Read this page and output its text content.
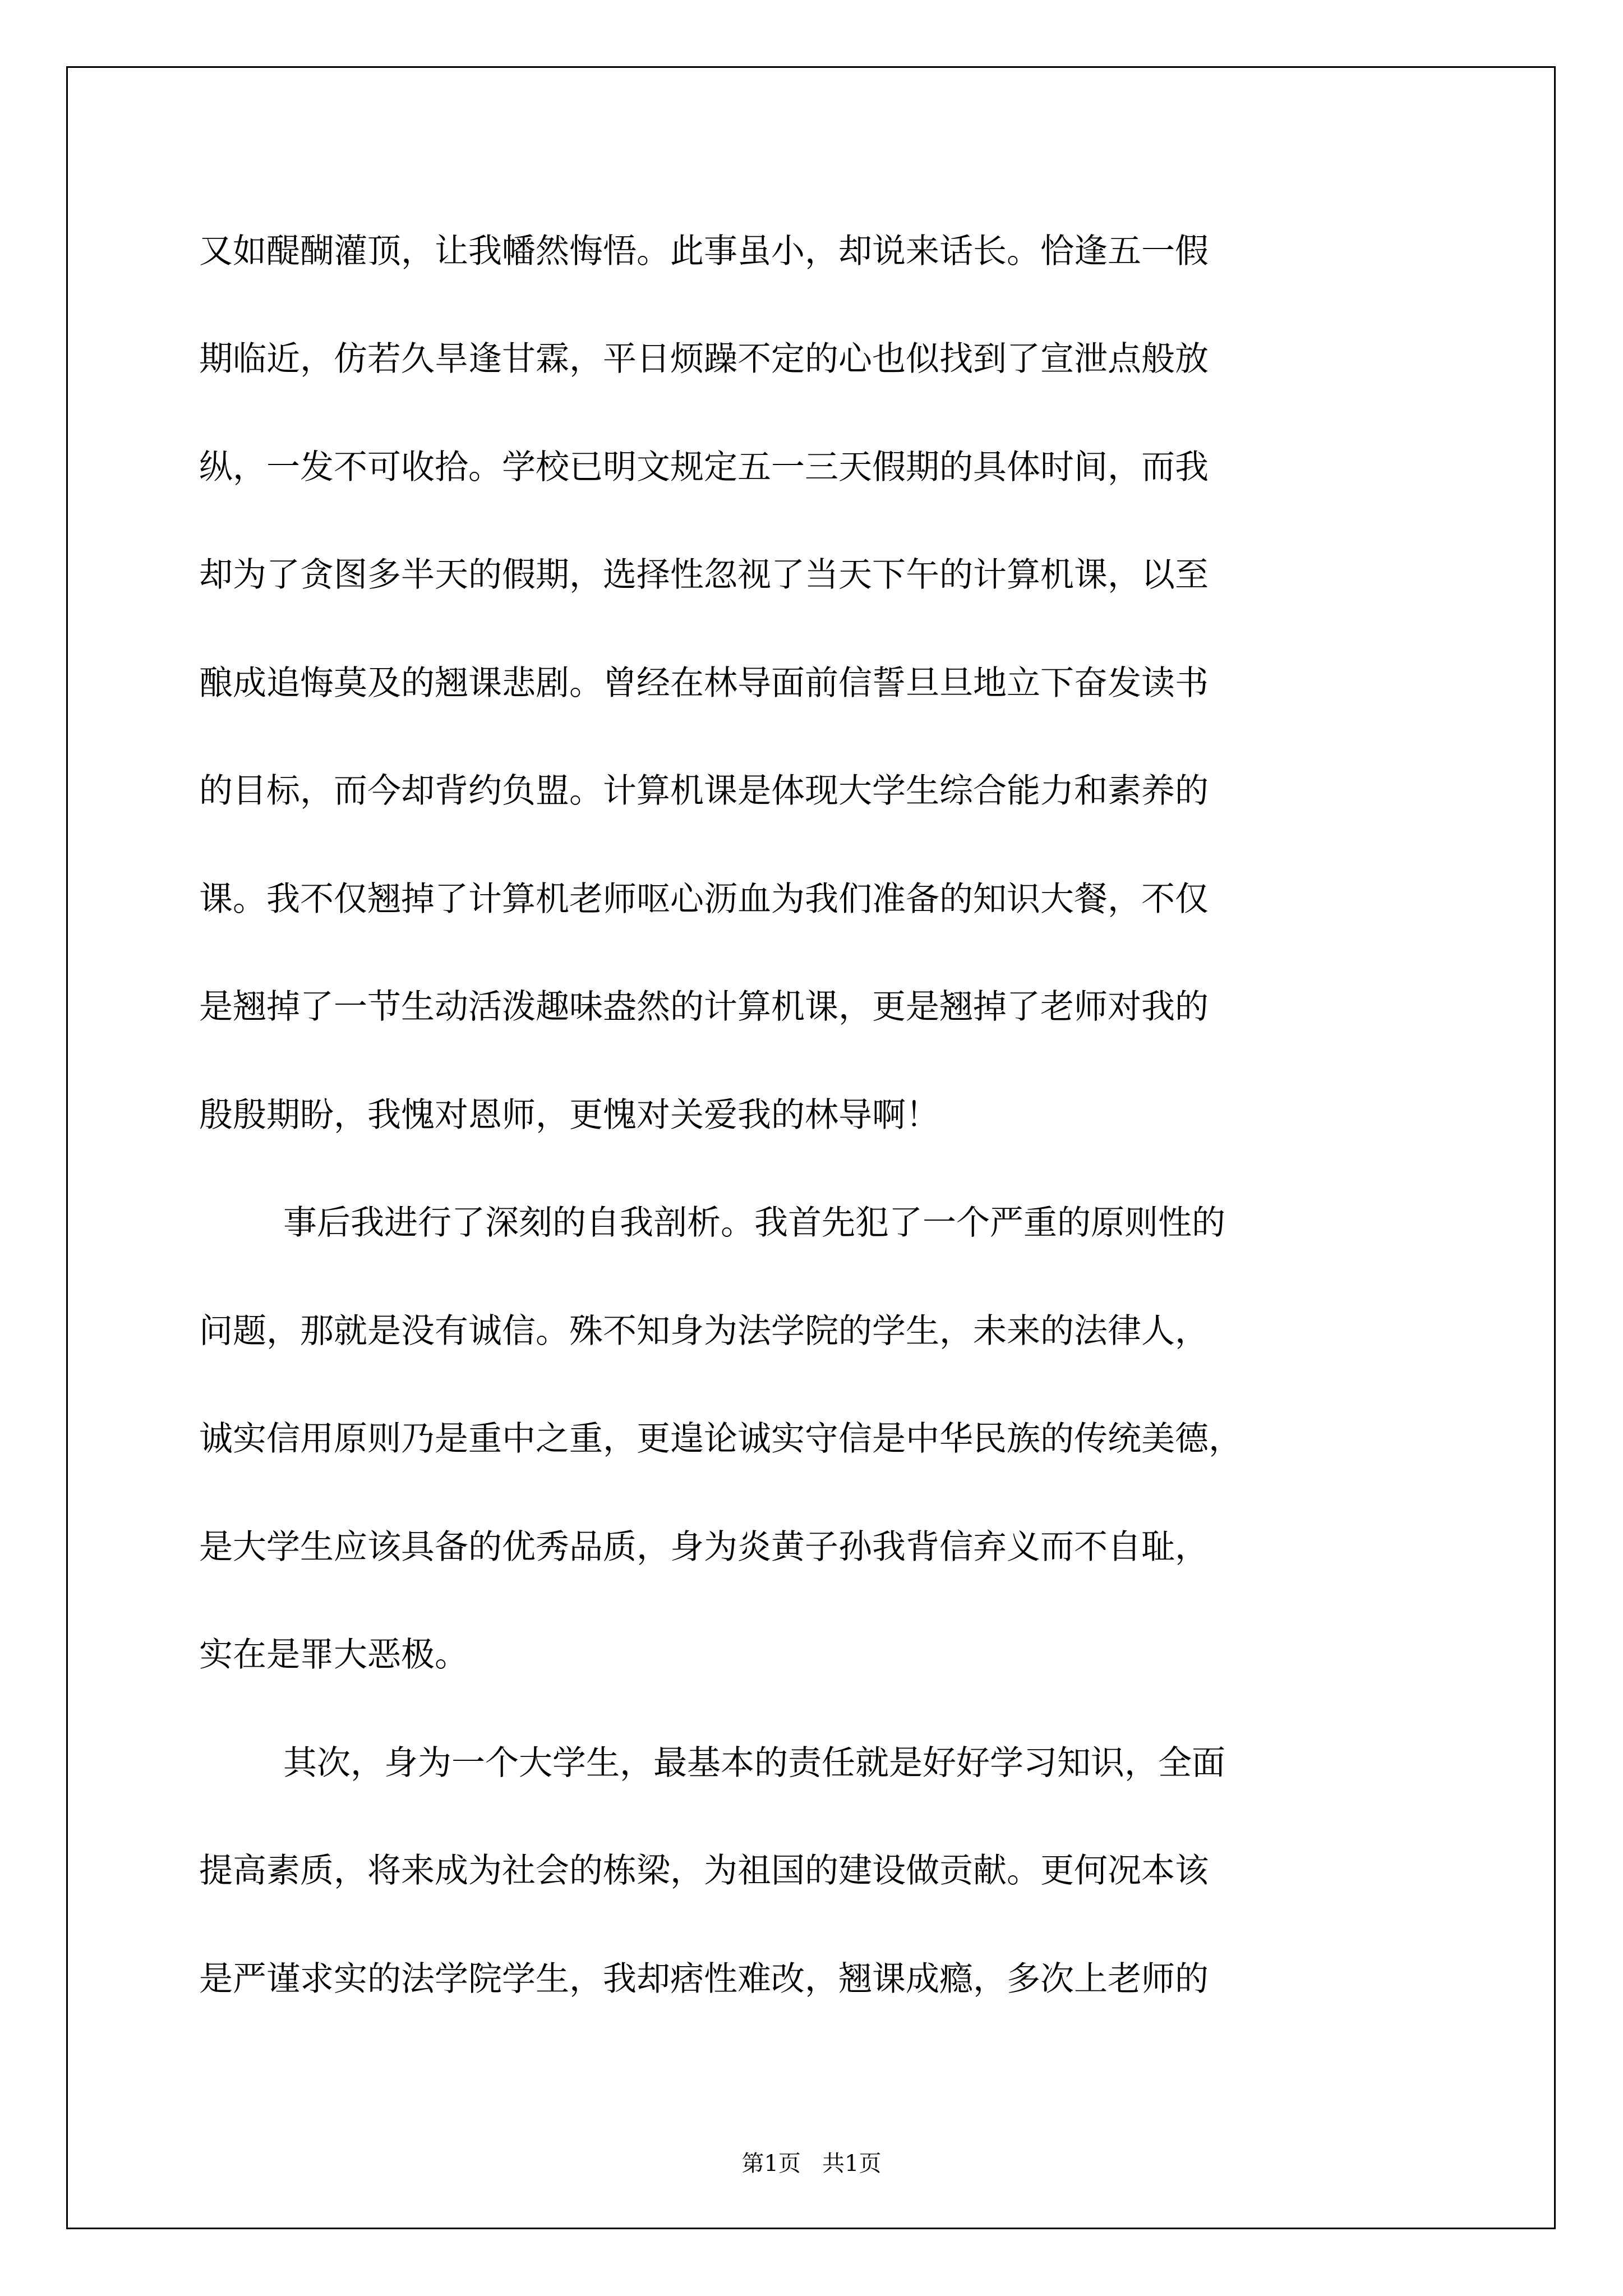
又如醍醐灌顶，让我幡然悔悟。此事虽小，却说来话长。恰逢五一假
期临近，仿若久旱逢甘霖，平日烦躁不定的心也似找到了宣泄点般放
纵，一发不可收拾。学校已明文规定五一三天假期的具体时间，而我
却为了贪图多半天的假期，选择性忽视了当天下午的计算机课，以至
酿成追悔莫及的翘课悲剧。曾经在林导面前信誓旦旦地立下奋发读书
的目标，而今却背约负盟。计算机课是体现大学生综合能力和素养的
课。我不仅翘掉了计算机老师呕心沥血为我们准备的知识大餐，不仅
是翘掉了一节生动活泼趣味盎然的计算机课，更是翘掉了老师对我的
殷殷期盼，我愧对恩师，更愧对关爱我的林导啊！
事后我进行了深刻的自我剖析。我首先犯了一个严重的原则性的
问题，那就是没有诚信。殊不知身为法学院的学生，未来的法律人，
诚实信用原则乃是重中之重，更遑论诚实守信是中华民族的传统美德，
是大学生应该具备的优秀品质，身为炎黄子孙我背信弃义而不自耻，
实在是罪大恶极。
其次，身为一个大学生，最基本的责任就是好好学习知识，全面
提高素质，将来成为社会的栋梁，为祖国的建设做贡献。更何况本该
是严谨求实的法学院学生，我却痞性难改，翘课成瘾，多次上老师的
第1页   共1页
